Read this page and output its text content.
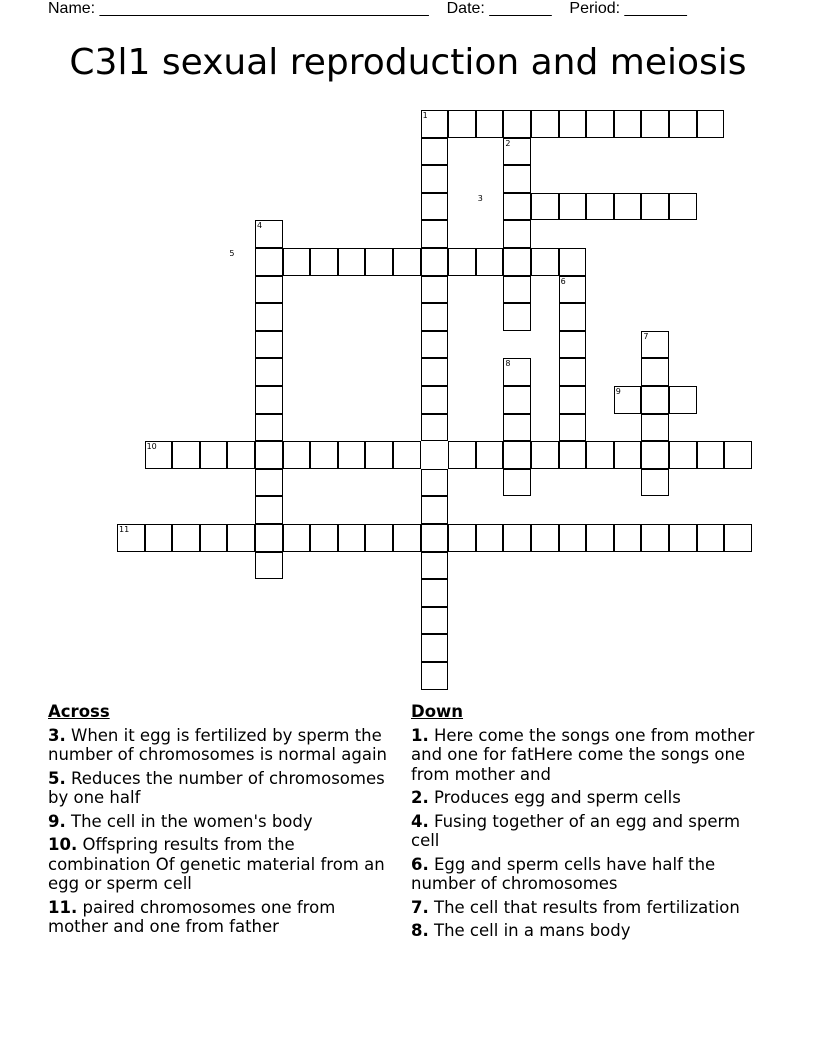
Name: _____________________________________ Date: _______ Period: _______
C3l1 sexual reproduction and meiosis
1
2
3
4
5
6
7
8
9
10
11
Across
3. When it egg is fertilized by sperm the number of chromosomes is normal again
5. Reduces the number of chromosomes by one half
9. The cell in the women's body
10. Offspring results from the combination Of genetic material from an egg or sperm cell
11. paired chromosomes one from mother and one from father
Down
1. Here come the songs one from mother and one for fatHere come the songs one from mother and
2. Produces egg and sperm cells
4. Fusing together of an egg and sperm cell
6. Egg and sperm cells have half the number of chromosomes
7. The cell that results from fertilization
8. The cell in a mans body
